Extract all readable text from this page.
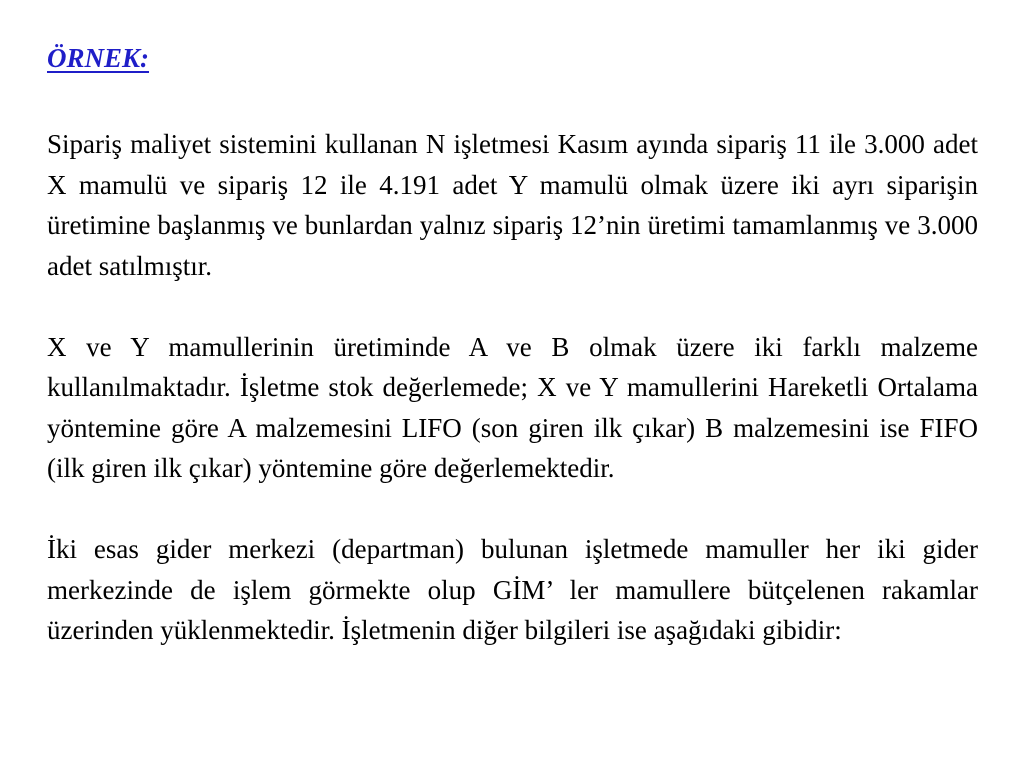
ÖRNEK:

Sipariş maliyet sistemini kullanan N işletmesi Kasım ayında sipariş 11 ile 3.000 adet X mamulü ve sipariş 12 ile 4.191 adet Y mamulü olmak üzere iki ayrı siparişin üretimine başlanmış ve bunlardan yalnız sipariş 12’nin üretimi tamamlanmış ve 3.000 adet satılmıştır.

X ve Y mamullerinin üretiminde A ve B olmak üzere iki farklı malzeme kullanılmaktadır. İşletme stok değerlemede; X ve Y mamullerini Hareketli Ortalama yöntemine göre A malzemesini LIFO (son giren ilk çıkar) B malzemesini ise FIFO (ilk giren ilk çıkar) yöntemine göre değerlemektedir.

İki esas gider merkezi (departman) bulunan işletmede mamuller her iki gider merkezinde de işlem görmekte olup GİM’ ler mamullere bütçelenen rakamlar üzerinden yüklenmektedir. İşletmenin diğer bilgileri ise aşağıdaki gibidir:
